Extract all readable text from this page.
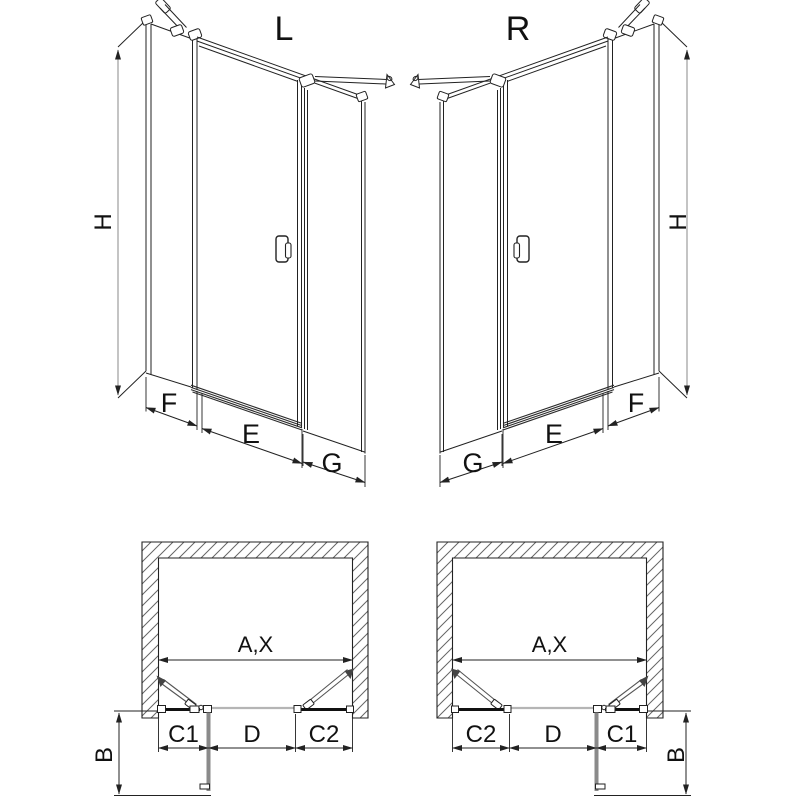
L
H
F
E
G
R
H
G
E
F
A,X
C1 D C2
B
A,X
C2 D C1
B
